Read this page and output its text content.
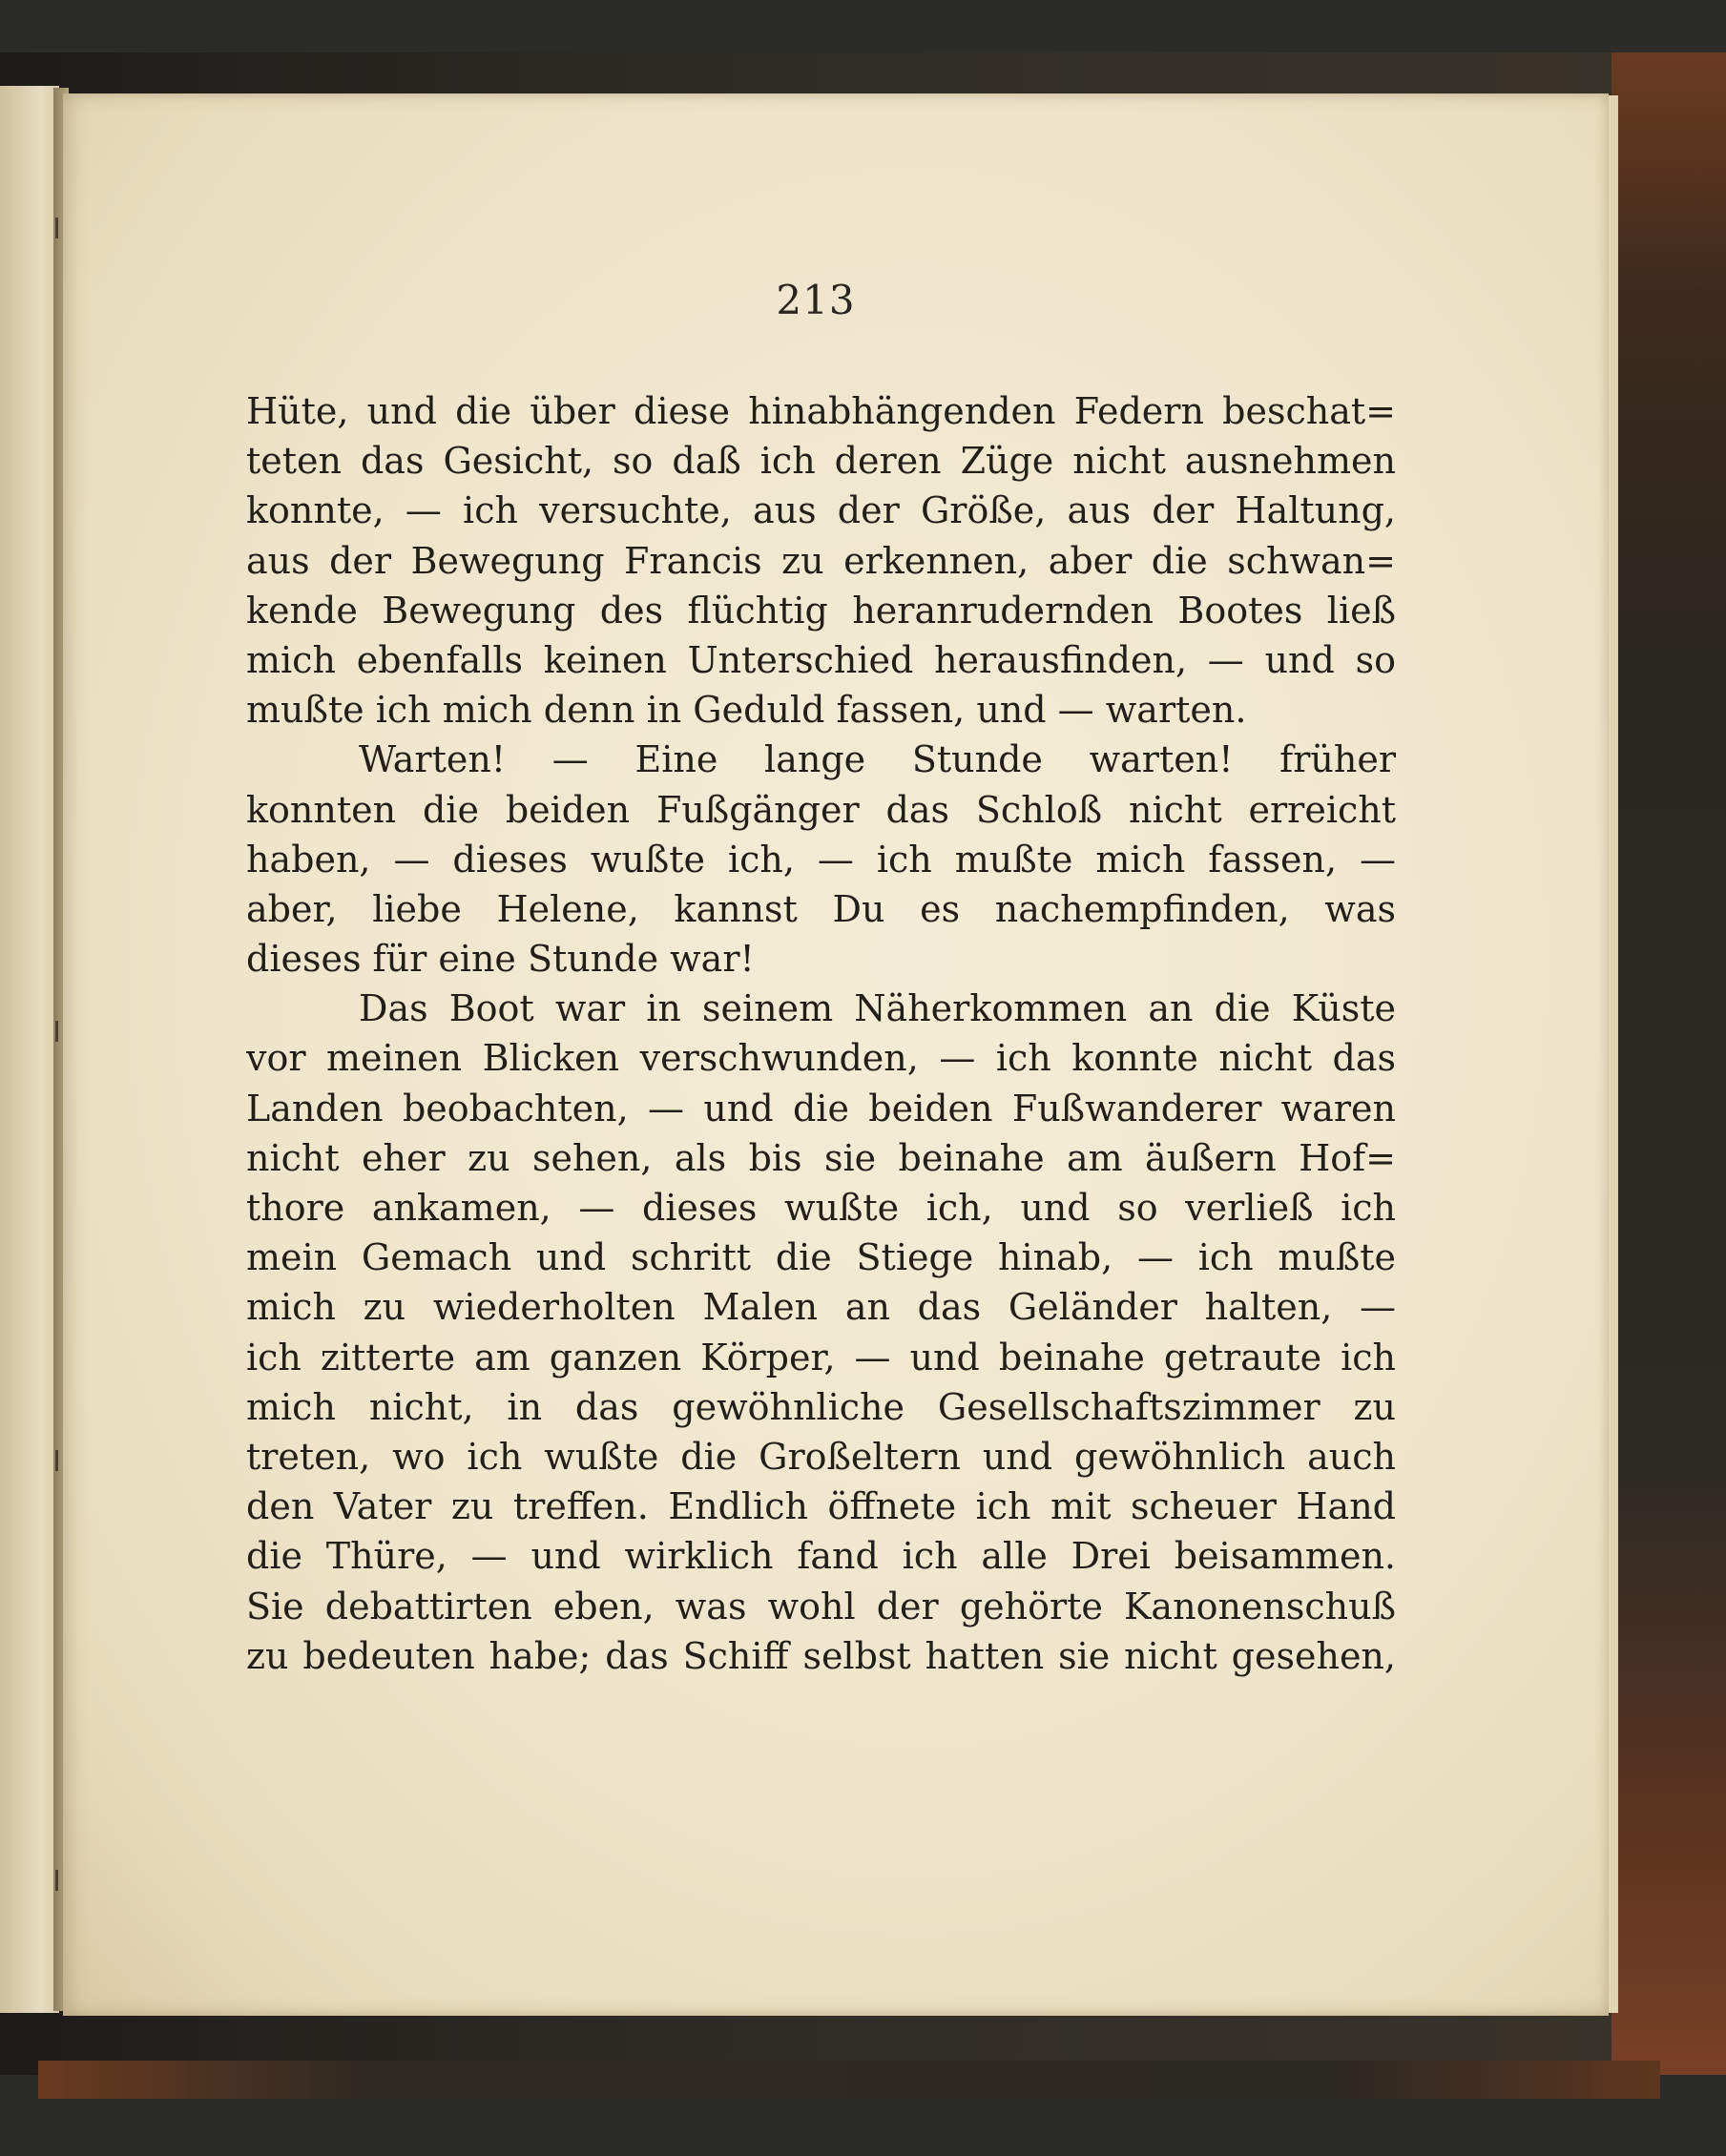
213
Hüte, und die über diese hinabhängenden Federn beschat=
teten das Gesicht, so daß ich deren Züge nicht ausnehmen
konnte, — ich versuchte, aus der Größe, aus der Haltung,
aus der Bewegung Francis zu erkennen, aber die schwan=
kende Bewegung des flüchtig heranrudernden Bootes ließ
mich ebenfalls keinen Unterschied herausfinden, — und so
mußte ich mich denn in Geduld fassen, und — warten.
Warten! — Eine lange Stunde warten! früher
konnten die beiden Fußgänger das Schloß nicht erreicht
haben, — dieses wußte ich, — ich mußte mich fassen, —
aber, liebe Helene, kannst Du es nachempfinden, was
dieses für eine Stunde war!
Das Boot war in seinem Näherkommen an die Küste
vor meinen Blicken verschwunden, — ich konnte nicht das
Landen beobachten, — und die beiden Fußwanderer waren
nicht eher zu sehen, als bis sie beinahe am äußern Hof=
thore ankamen, — dieses wußte ich, und so verließ ich
mein Gemach und schritt die Stiege hinab, — ich mußte
mich zu wiederholten Malen an das Geländer halten, —
ich zitterte am ganzen Körper, — und beinahe getraute ich
mich nicht, in das gewöhnliche Gesellschaftszimmer zu
treten, wo ich wußte die Großeltern und gewöhnlich auch
den Vater zu treffen. Endlich öffnete ich mit scheuer Hand
die Thüre, — und wirklich fand ich alle Drei beisammen.
Sie debattirten eben, was wohl der gehörte Kanonenschuß
zu bedeuten habe; das Schiff selbst hatten sie nicht gesehen,
